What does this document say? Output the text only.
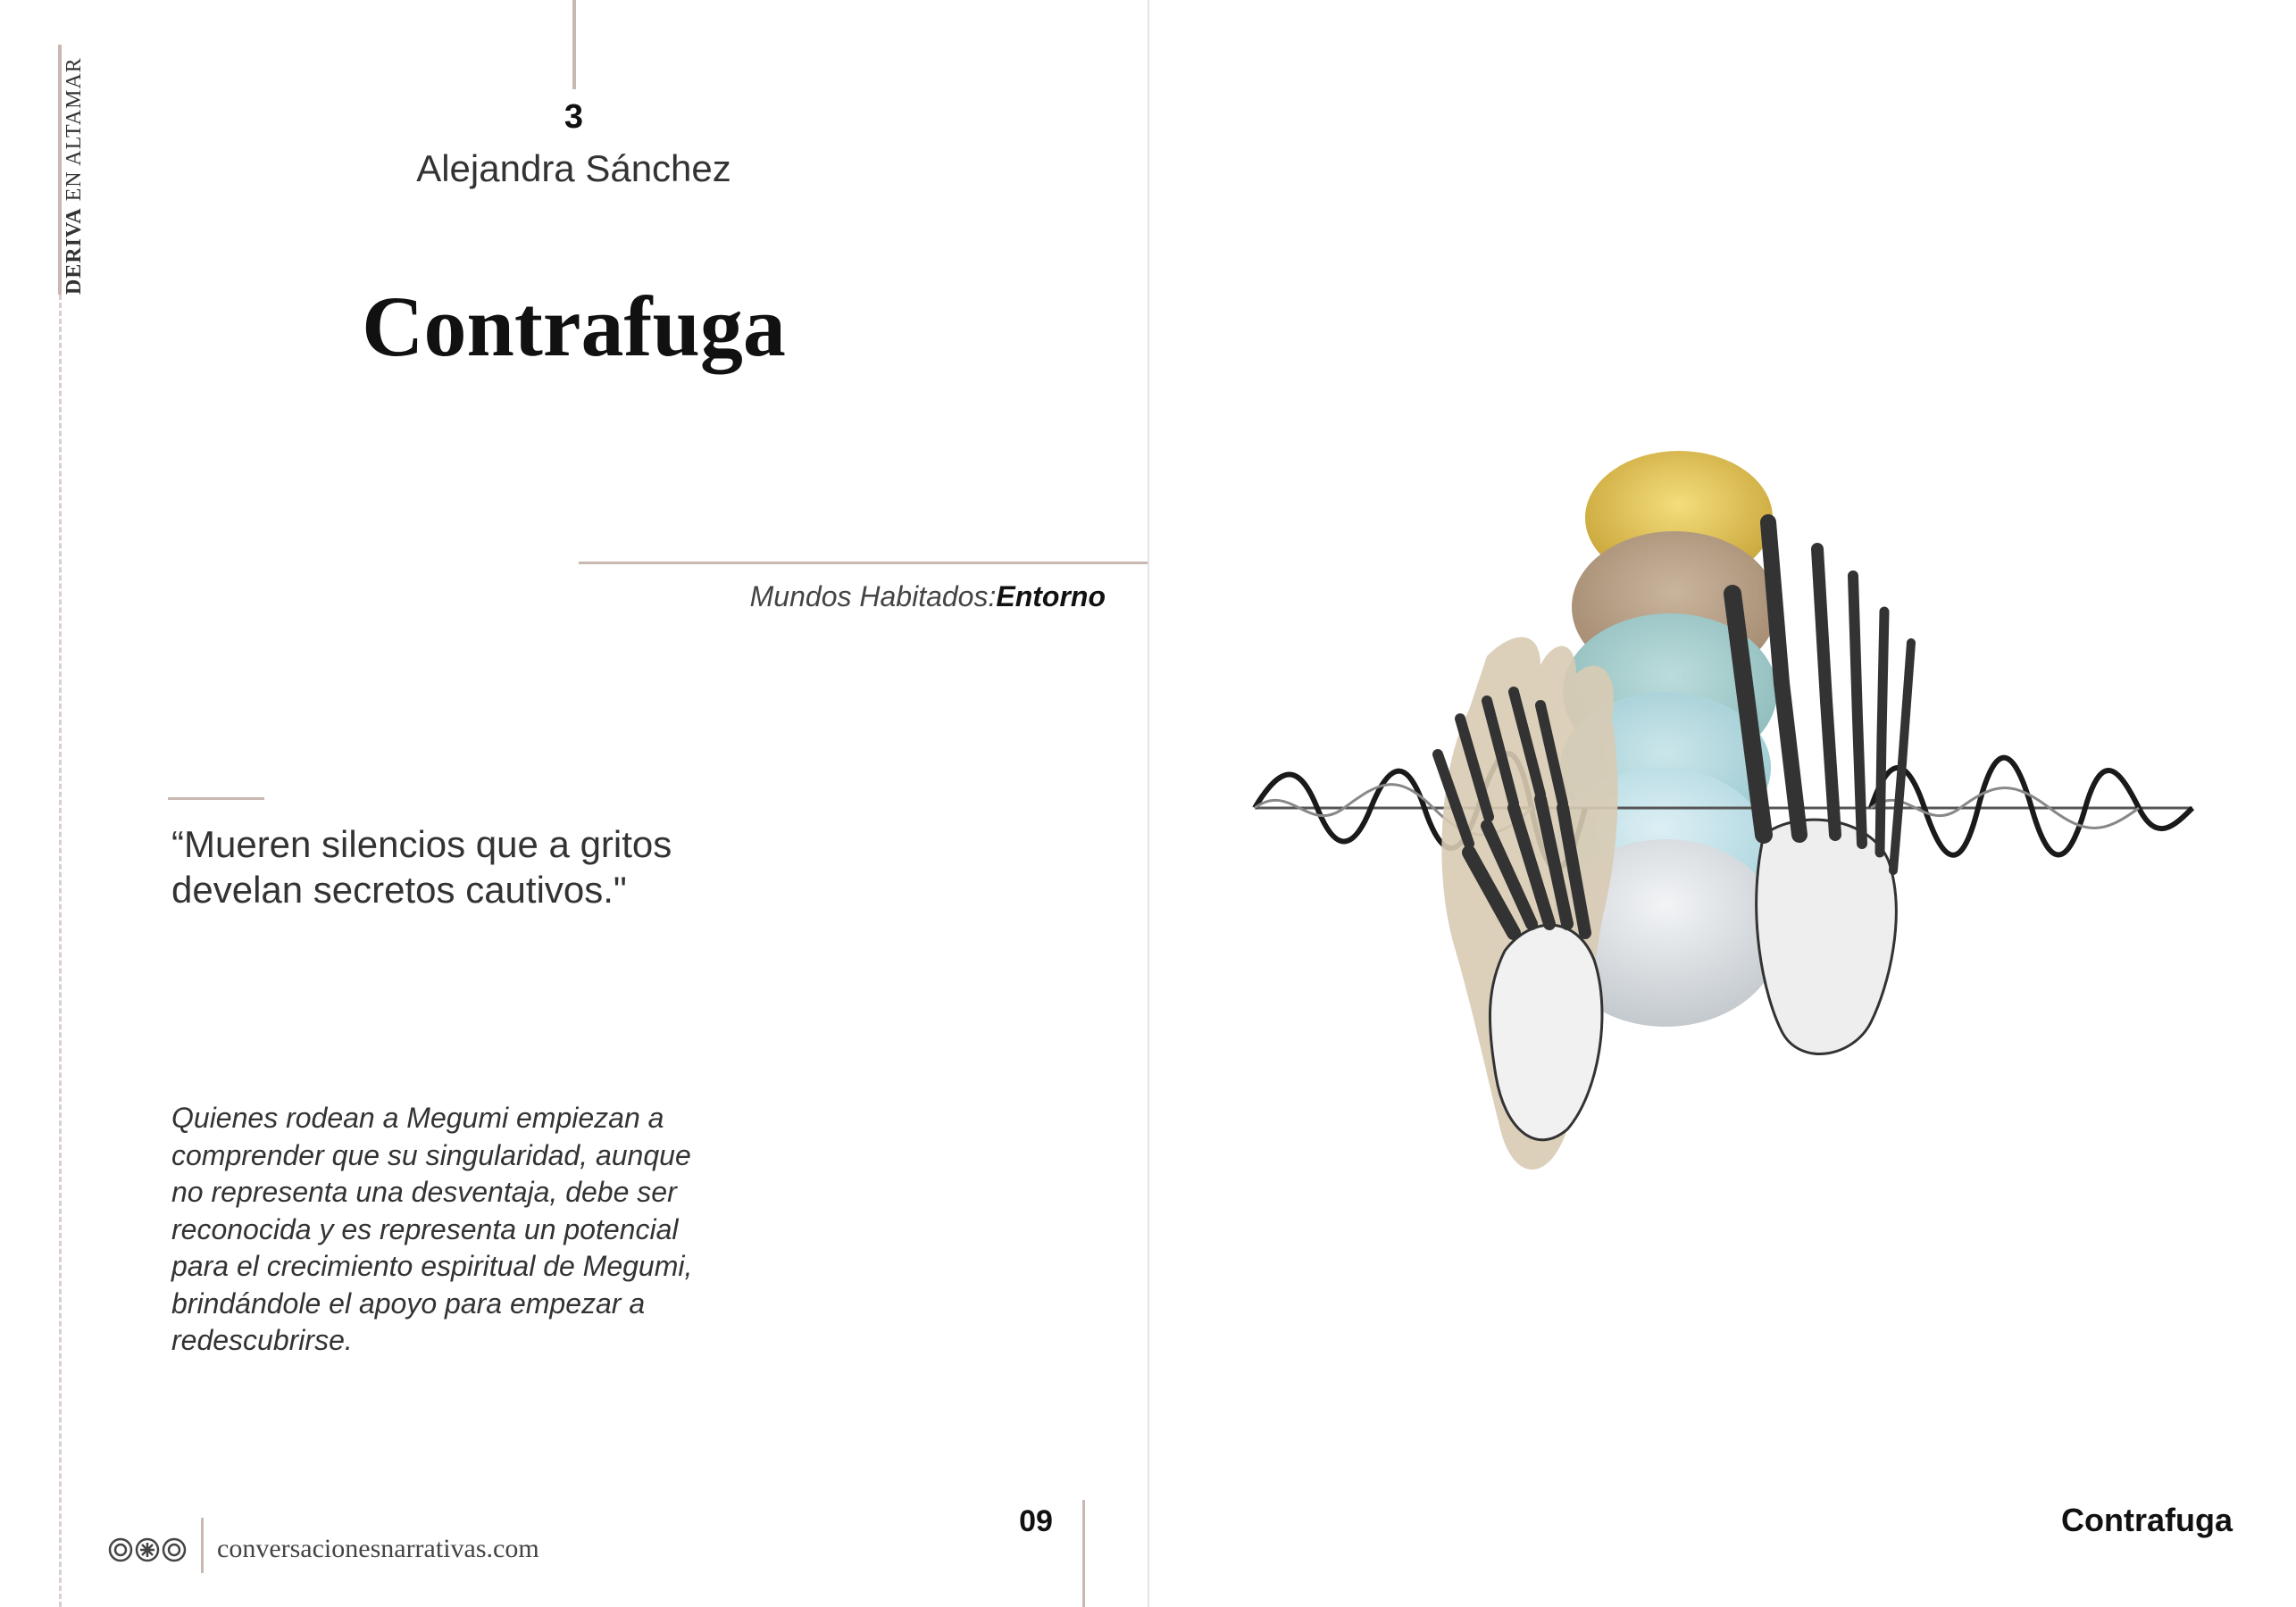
DERIVA EN ALTAMAR	3
Alejandra Sánchez
Contrafuga
Mundos Habitados:Entorno
“Mueren silencios que a gritos
develan secretos cautivos."
Quienes rodean a Megumi empiezan a
comprender que su singularidad, aunque
no representa una desventaja, debe ser
reconocida y es representa un potencial
para el crecimiento espiritual de Megumi,
brindándole el apoyo para empezar a
redescubrirse.
conversacionesnarrativas.com
09	Contrafuga
